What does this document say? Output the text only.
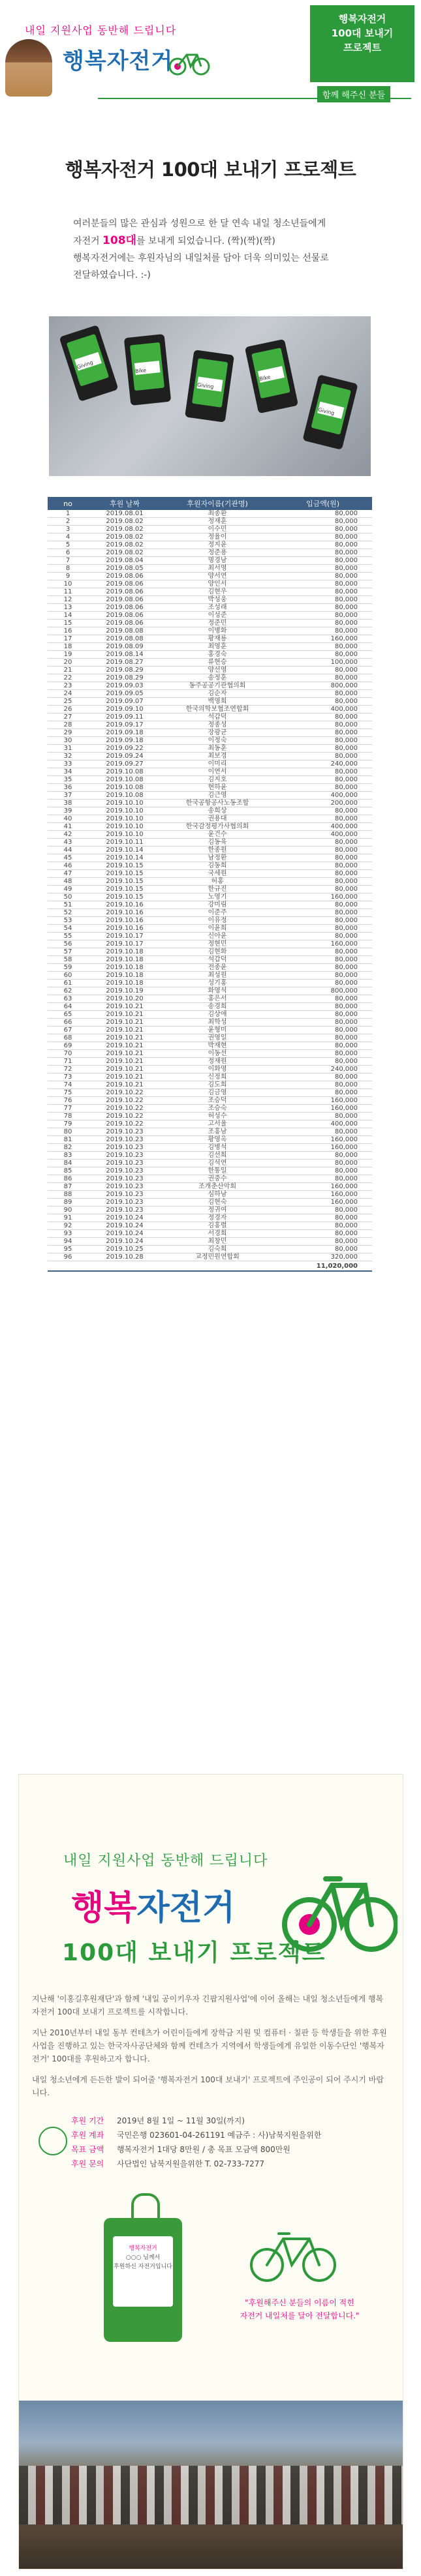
내일 지원사업 동반해 드립니다
행복자전거
행복자전거
100대 보내기
프로젝트
함께 해주신 분들
행복자전거 100대 보내기 프로젝트
여러분들의 많은 관심과 성원으로 한 달 연속 내일 청소년들에게
자전거 108대를 보내게 되었습니다. (짝)(짝)(짝)
행복자전거에는 후원자님의 내일처를 담아 더욱 의미있는 선물로
전달하였습니다. :-)
Giving
Bike
Giving
Bike
Giving
no	후원 날짜	후원자이름(기관명)	입금액(원)
1	2019.08.01	최종환	80,000
2	2019.08.02	정재훈	80,000
3	2019.08.02	이수민	80,000
4	2019.08.02	정율이	80,000
5	2019.08.02	정지윤	80,000
6	2019.08.02	정준용	80,000
7	2019.08.04	명경남	80,000
8	2019.08.05	최서영	80,000
9	2019.08.06	양서연	80,000
10	2019.08.06	양인서	80,000
11	2019.08.06	김현우	80,000
12	2019.08.06	박성웅	80,000
13	2019.08.06	조성래	80,000
14	2019.08.06	이성준	80,000
15	2019.08.06	정준민	80,000
16	2019.08.08	이병화	80,000
17	2019.08.08	황재룡	160,000
18	2019.08.09	최영훈	80,000
19	2019.08.14	홍경숙	80,000
20	2019.08.27	류현승	100,000
21	2019.08.29	양선영	80,000
22	2019.08.29	송정훈	80,000
23	2019.09.03	동주공공기관협의회	800,000
24	2019.09.05	김순자	80,000
25	2019.09.07	백영희	80,000
26	2019.09.10	한국의학보협조연합회	400,000
27	2019.09.11	석갑덕	80,000
28	2019.09.17	정종성	80,000
29	2019.09.18	장광균	80,000
30	2019.09.18	이정숙	80,000
31	2019.09.22	최동훈	80,000
32	2019.09.24	최보경	80,000
33	2019.09.27	이미리	240,000
34	2019.10.08	이연서	80,000
35	2019.10.08	김지호	80,000
36	2019.10.08	현하윤	80,000
37	2019.10.08	김근영	400,000
38	2019.10.10	한국공항공사노동조합	200,000
39	2019.10.10	송희상	80,000
40	2019.10.10	권용대	80,000
41	2019.10.10	한국감정평가사협의회	400,000
42	2019.10.10	윤건수	400,000
43	2019.10.11	김동육	80,000
44	2019.10.14	한종원	80,000
45	2019.10.14	남정환	80,000
46	2019.10.15	김동희	80,000
47	2019.10.15	국세원	80,000
48	2019.10.15	허홍	80,000
49	2019.10.15	한규진	80,000
50	2019.10.15	노영기	160,000
51	2019.10.16	강미림	80,000
52	2019.10.16	이준주	80,000
53	2019.10.16	이유정	80,000
54	2019.10.16	이윤희	80,000
55	2019.10.17	신아윤	80,000
56	2019.10.17	정현민	160,000
57	2019.10.18	김현화	80,000
58	2019.10.18	석갑덕	80,000
59	2019.10.18	전종윤	80,000
60	2019.10.18	최성원	80,000
61	2019.10.18	성기홍	80,000
62	2019.10.19	화영석	800,000
63	2019.10.20	홍은서	80,000
64	2019.10.21	송경희	80,000
65	2019.10.21	김상애	80,000
66	2019.10.21	최학성	80,000
67	2019.10.21	윤형미	80,000
68	2019.10.21	권영일	80,000
69	2019.10.21	박재현	80,000
70	2019.10.21	이동선	80,000
71	2019.10.21	정재원	80,000
72	2019.10.21	이화영	240,000
73	2019.10.21	신정희	80,000
74	2019.10.21	김도희	80,000
75	2019.10.22	김금영	80,000
76	2019.10.22	조승덕	160,000
77	2019.10.22	조승숙	160,000
78	2019.10.22	허성수	80,000
79	2019.10.22	고서율	400,000
80	2019.10.23	조홍남	80,000
81	2019.10.23	황영옥	160,000
82	2019.10.23	김병석	160,000
83	2019.10.23	김선희	80,000
84	2019.10.23	김석연	80,000
85	2019.10.23	한통일	80,000
86	2019.10.23	권중수	80,000
87	2019.10.23	조개춘산악회	160,000
88	2019.10.23	심하남	160,000
89	2019.10.23	김현숙	160,000
90	2019.10.23	정귀여	80,000
91	2019.10.24	정경자	80,000
92	2019.10.24	김홍렬	80,000
93	2019.10.24	서경희	80,000
94	2019.10.24	최창민	80,000
95	2019.10.25	김숙희	80,000
96	2019.10.28	교정민원연합회	320,000
			11,020,000
내일 지원사업 동반해 드립니다
행복자전거
100대 보내기 프로젝트

지난해 '이홍길후원재단'과 함께 '내일 공이키우자 긴팝지원사업'에 이어 올해는 내일 청소년들에게 행복자전거 100대 보내기 프로젝트를 시작합니다.

지난 2010년부터 내일 동부 컨테츠가 어린이들에게 장학금 지원 및 컴퓨터 · 칠판 등 학생들을 위한 후원사업을 진행하고 있는 한국자사공단체와 함께 컨테츠가 지역에서 학생들에게 유일한 이동수단인 '행복자전거' 100대를 후원하고자 합니다.

내일 청소년에게 든든한 발이 되어줄 '행복자전거 100대 보내기' 프로젝트에 주인공이 되어 주시기 바랍니다.

후원 기간	2019년 8월 1일 ~ 11월 30일(까지)
후원 계좌	국민은행 023601-04-261191 예금주 : 사)남북지원을위한
목표 금액	행복자전거 1대당 8만원 / 총 목표 모금액 800만원
후원 문의	사단법인 남북지원을위한 T. 02-733-7277
행복자전거
○○○ 님께서
후원하신 자전거입니다
"후원해주신 분들의 이름이 적힌
자전거 내일처를 달아 전달합니다."
